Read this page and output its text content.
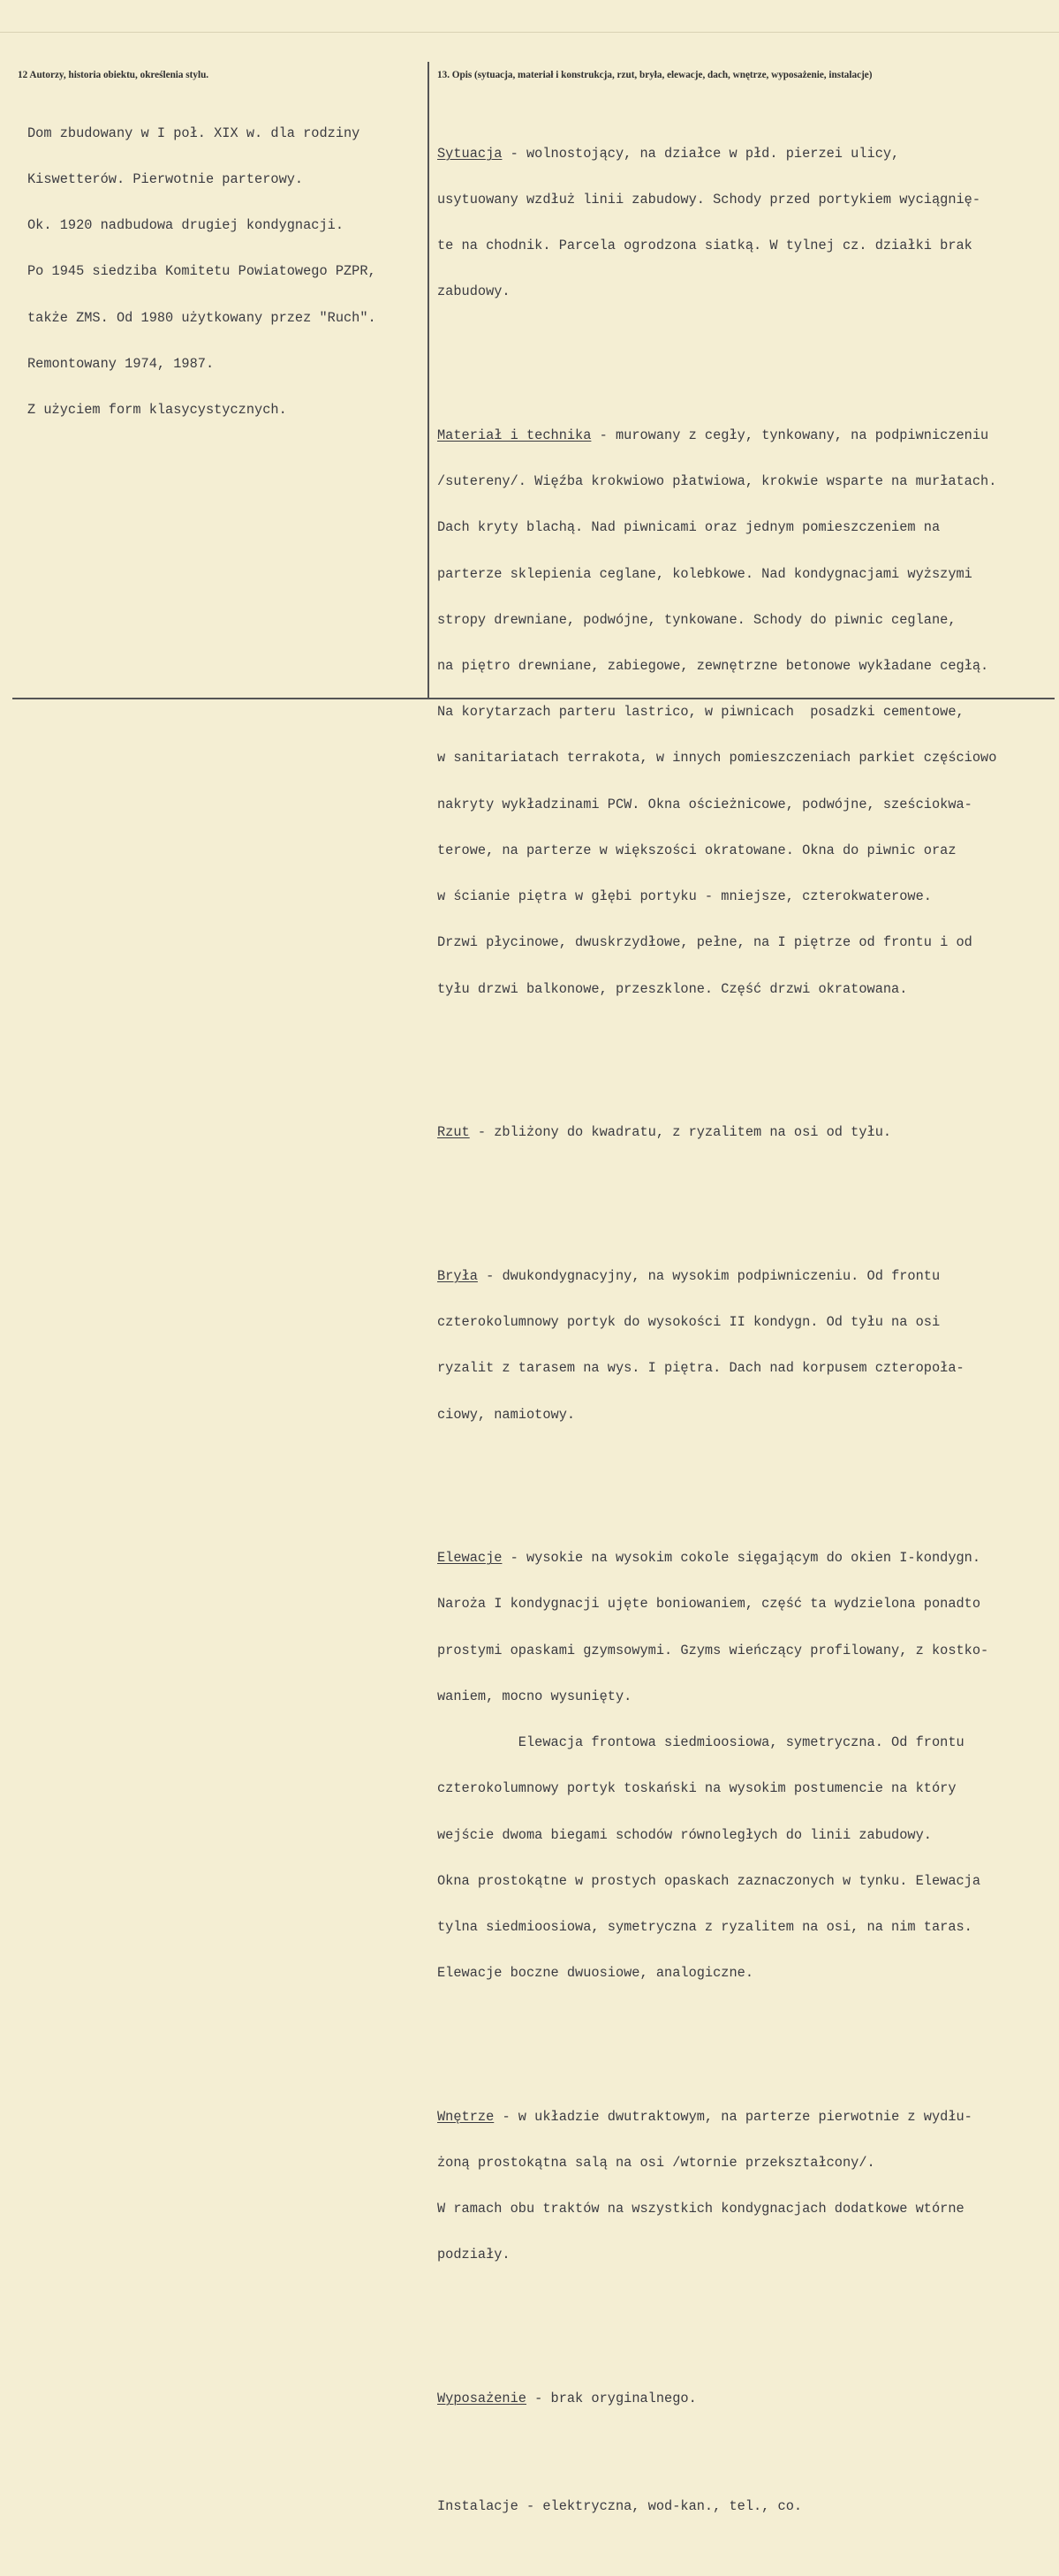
12 Autorzy, historia obiektu, określenia stylu.	13. Opis (sytuacja, materiał i konstrukcja, rzut, bryła, elewacje, dach, wnętrze, wyposażenie, instalacje)

Dom zbudowany w I poł. XIX w. dla rodziny

Kiswetterów. Pierwotnie parterowy.

Ok. 1920 nadbudowa drugiej kondygnacji.

Po 1945 siedziba Komitetu Powiatowego PZPR,

także ZMS. Od 1980 użytkowany przez "Ruch".

Remontowany 1974, 1987.

Z użyciem form klasycystycznych.

Sytuacja - wolnostojący, na działce w płd. pierzei ulicy,

usytuowany wzdłuż linii zabudowy. Schody przed portykiem wyciągnię-

te na chodnik. Parcela ogrodzona siatką. W tylnej cz. działki brak

zabudowy.

Materiał i technika - murowany z cegły, tynkowany, na podpiwniczeniu

/sutereny/. Więźba krokwiowo płatwiowa, krokwie wsparte na murłatach.

Dach kryty blachą. Nad piwnicami oraz jednym pomieszczeniem na

parterze sklepienia ceglane, kolebkowe. Nad kondygnacjami wyższymi

stropy drewniane, podwójne, tynkowane. Schody do piwnic ceglane,

na piętro drewniane, zabiegowe, zewnętrzne betonowe wykładane cegłą.

Na korytarzach parteru lastrico, w piwnicach  posadzki cementowe,

w sanitariatach terrakota, w innych pomieszczeniach parkiet częściowo

nakryty wykładzinami PCW. Okna ościeżnicowe, podwójne, sześciokwa-

terowe, na parterze w większości okratowane. Okna do piwnic oraz

w ścianie piętra w głębi portyku - mniejsze, czterokwaterowe.

Drzwi płycinowe, dwuskrzydłowe, pełne, na I piętrze od frontu i od

tyłu drzwi balkonowe, przeszklone. Część drzwi okratowana.

Rzut - zbliżony do kwadratu, z ryzalitem na osi od tyłu.

Bryła - dwukondygnacyjny, na wysokim podpiwniczeniu. Od frontu

czterokolumnowy portyk do wysokości II kondygn. Od tyłu na osi

ryzalit z tarasem na wys. I piętra. Dach nad korpusem czteropoła-

ciowy, namiotowy.

Elewacje - wysokie na wysokim cokole sięgającym do okien I-kondygn.

Naroża I kondygnacji ujęte boniowaniem, część ta wydzielona ponadto

prostymi opaskami gzymsowymi. Gzyms wieńczący profilowany, z kostko-

waniem, mocno wysunięty.

Elewacja frontowa siedmioosiowa, symetryczna. Od frontu

czterokolumnowy portyk toskański na wysokim postumencie na który

wejście dwoma biegami schodów równoległych do linii zabudowy.

Okna prostokątne w prostych opaskach zaznaczonych w tynku. Elewacja

tylna siedmioosiowa, symetryczna z ryzalitem na osi, na nim taras.

Elewacje boczne dwuosiowe, analogiczne.

Wnętrze - w układzie dwutraktowym, na parterze pierwotnie z wydłu-

żoną prostokątna salą na osi /wtornie przekształcony/.

W ramach obu traktów na wszystkich kondygnacjach dodatkowe wtórne

podziały.

Wyposażenie - brak oryginalnego.

Instalacje - elektryczna, wod-kan., tel., co.
